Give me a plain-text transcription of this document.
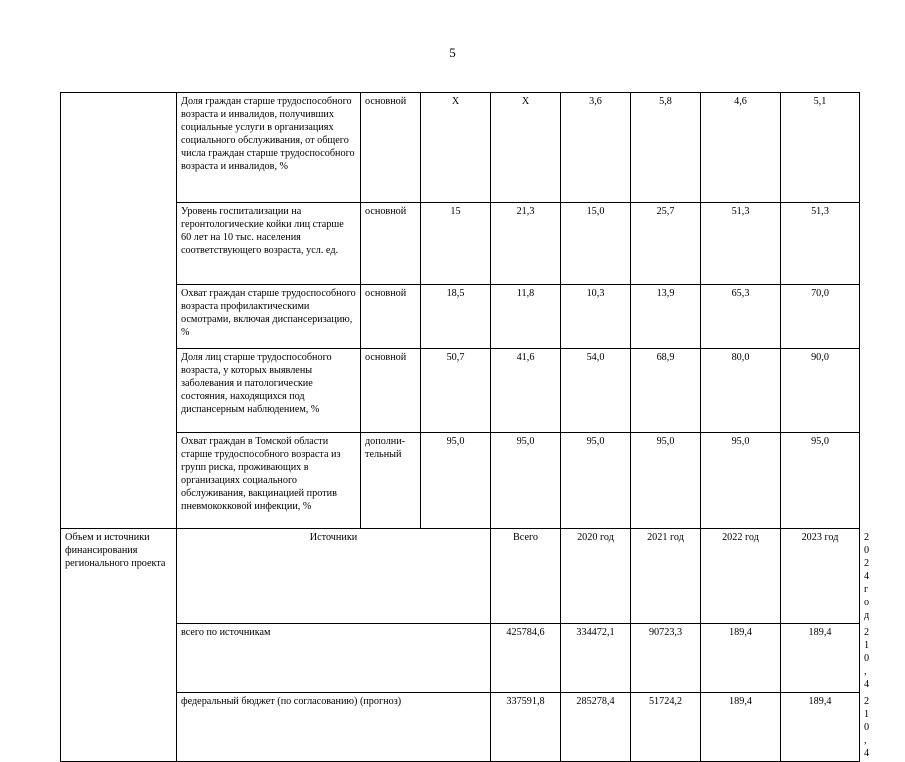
5
	Доля граждан старше трудоспособного возраста и инвалидов, получивших социальные услуги в организациях социального обслуживания, от общего числа граждан старше трудоспособного возраста и инвалидов, %	основной	X	X	3,6	5,8	4,6	5,1	
	Уровень госпитализации на геронтологические койки лиц старше 60 лет на 10 тыс. населения соответствующего возраста, усл. ед.	основной	15	21,3	15,0	25,7	51,3	51,3	
	Охват граждан старше трудоспособного возраста профилактическими осмотрами, включая диспансеризацию, %	основной	18,5	11,8	10,3	13,9	65,3	70,0	
	Доля лиц старше трудоспособного возраста, у которых выявлены заболевания и патологические состояния, находящихся под диспансерным наблюдением, %	основной	50,7	41,6	54,0	68,9	80,0	90,0	
	Охват граждан в Томской области старше трудоспособного возраста из групп риска, проживающих в организациях социального обслуживания, вакцинацией против пневмококковой инфекции, %	дополни-тельный	95,0	95,0	95,0	95,0	95,0	95,0	
Объем и источники финансирования регионального проекта	Источники			Всего	2020 год	2021 год	2022 год	2023 год	2024 год
	всего по источникам			425784,6	334472,1	90723,3	189,4	189,4	210,4
	федеральный бюджет (по согласованию) (прогноз)			337591,8	285278,4	51724,2	189,4	189,4	210,4
